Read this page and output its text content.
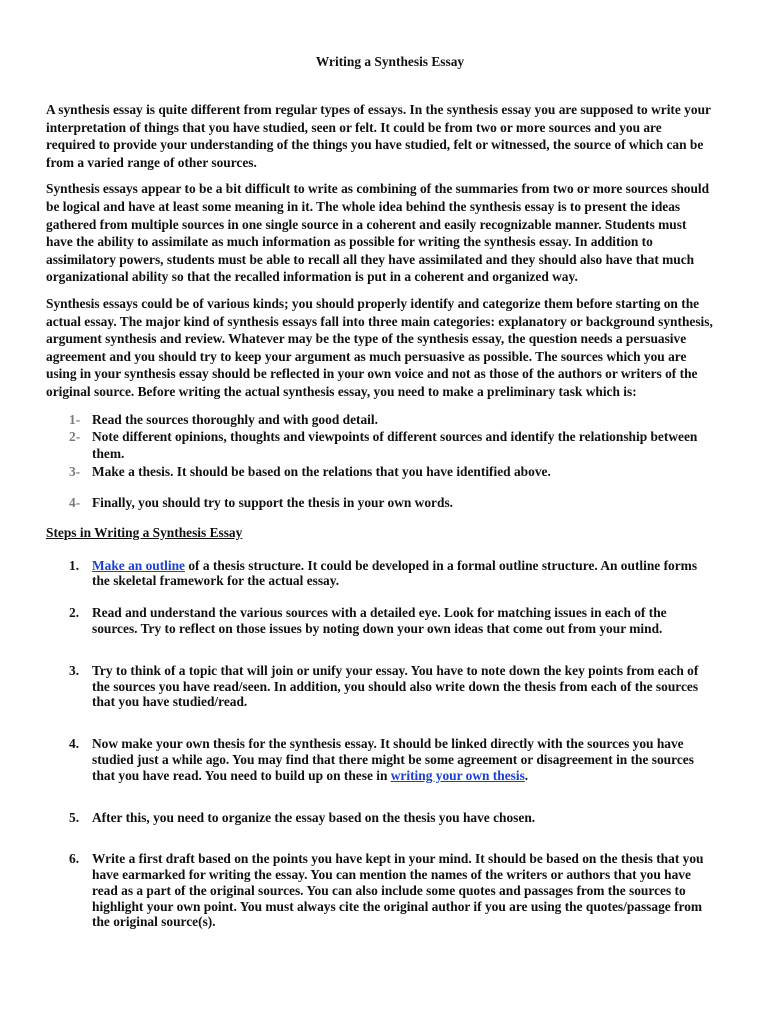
Writing a Synthesis Essay

A synthesis essay is quite different from regular types of essays. In the synthesis essay you are supposed to write your interpretation of things that you have studied, seen or felt. It could be from two or more sources and you are required to provide your understanding of the things you have studied, felt or witnessed, the source of which can be from a varied range of other sources.

Synthesis essays appear to be a bit difficult to write as combining of the summaries from two or more sources should be logical and have at least some meaning in it. The whole idea behind the synthesis essay is to present the ideas gathered from multiple sources in one single source in a coherent and easily recognizable manner. Students must have the ability to assimilate as much information as possible for writing the synthesis essay. In addition to assimilatory powers, students must be able to recall all they have assimilated and they should also have that much organizational ability so that the recalled information is put in a coherent and organized way.

Synthesis essays could be of various kinds; you should properly identify and categorize them before starting on the actual essay. The major kind of synthesis essays fall into three main categories: explanatory or background synthesis, argument synthesis and review. Whatever may be the type of the synthesis essay, the question needs a persuasive agreement and you should try to keep your argument as much persuasive as possible. The sources which you are using in your synthesis essay should be reflected in your own voice and not as those of the authors or writers of the original source. Before writing the actual synthesis essay, you need to make a preliminary task which is:

1- Read the sources thoroughly and with good detail.
2- Note different opinions, thoughts and viewpoints of different sources and identify the relationship between them.
3- Make a thesis. It should be based on the relations that you have identified above.
4- Finally, you should try to support the thesis in your own words.
Steps in Writing a Synthesis Essay
1. Make an outline of a thesis structure. It could be developed in a formal outline structure. An outline forms the skeletal framework for the actual essay.
2. Read and understand the various sources with a detailed eye. Look for matching issues in each of the sources. Try to reflect on those issues by noting down your own ideas that come out from your mind.
3. Try to think of a topic that will join or unify your essay. You have to note down the key points from each of the sources you have read/seen. In addition, you should also write down the thesis from each of the sources that you have studied/read.
4. Now make your own thesis for the synthesis essay. It should be linked directly with the sources you have studied just a while ago. You may find that there might be some agreement or disagreement in the sources that you have read. You need to build up on these in writing your own thesis.
5. After this, you need to organize the essay based on the thesis you have chosen.
6. Write a first draft based on the points you have kept in your mind. It should be based on the thesis that you have earmarked for writing the essay. You can mention the names of the writers or authors that you have read as a part of the original sources. You can also include some quotes and passages from the sources to highlight your own point. You must always cite the original author if you are using the quotes/passage from the original source(s).
